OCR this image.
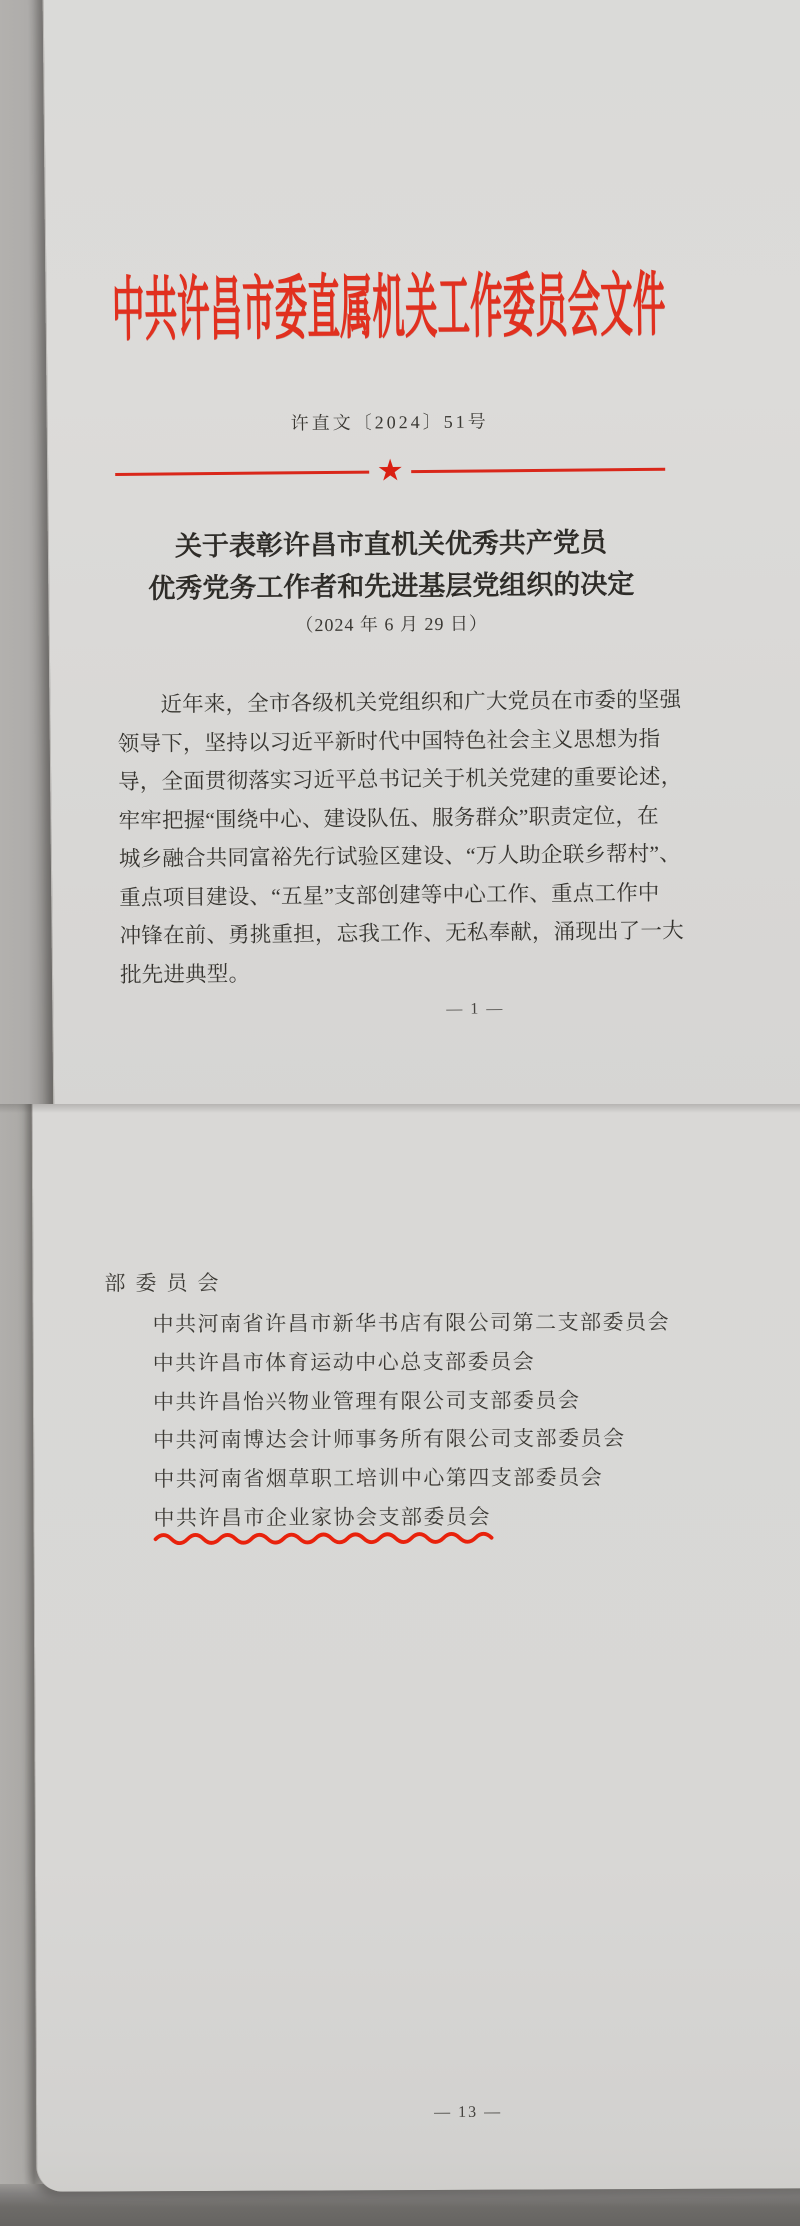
中共许昌市委直属机关工作委员会文件
许直文〔2024〕51号
★
关于表彰许昌市直机关优秀共产党员
优秀党务工作者和先进基层党组织的决定
（2024 年 6 月 29 日）
近年来，全市各级机关党组织和广大党员在市委的坚强
领导下，坚持以习近平新时代中国特色社会主义思想为指
导，全面贯彻落实习近平总书记关于机关党建的重要论述，
牢牢把握“围绕中心、建设队伍、服务群众”职责定位，在
城乡融合共同富裕先行试验区建设、“万人助企联乡帮村”、
重点项目建设、“五星”支部创建等中心工作、重点工作中
冲锋在前、勇挑重担，忘我工作、无私奉献，涌现出了一大
批先进典型。
— 1 —
部委员会
中共河南省许昌市新华书店有限公司第二支部委员会
中共许昌市体育运动中心总支部委员会
中共许昌怡兴物业管理有限公司支部委员会
中共河南博达会计师事务所有限公司支部委员会
中共河南省烟草职工培训中心第四支部委员会
中共许昌市企业家协会支部委员会
— 13 —
